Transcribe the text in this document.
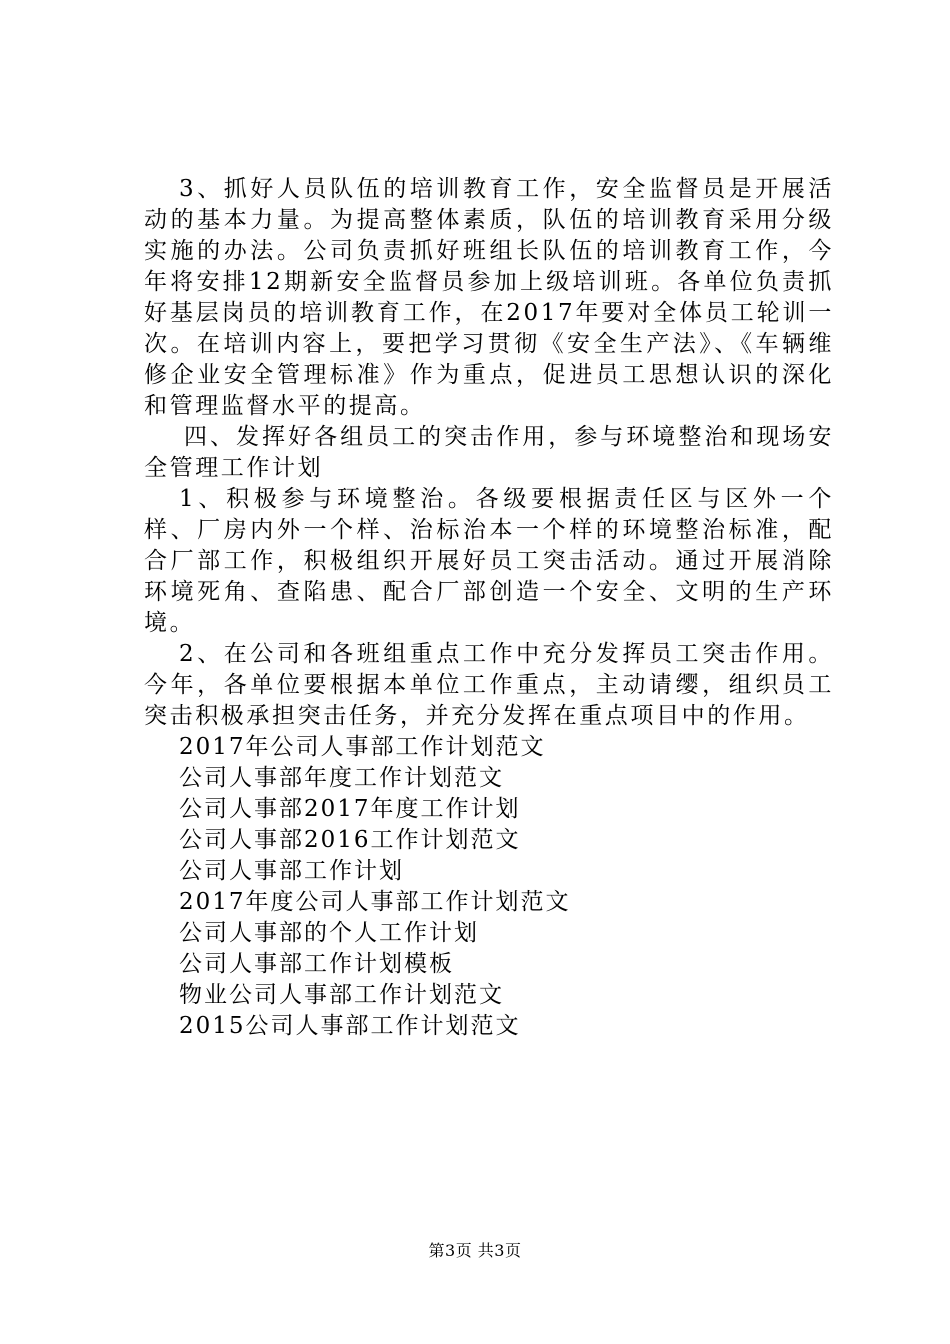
3、抓好人员队伍的培训教育工作，安全监督员是开展活动的基本力量。为提高整体素质，队伍的培训教育采用分级实施的办法。公司负责抓好班组长队伍的培训教育工作，今年将安排12期新安全监督员参加上级培训班。各单位负责抓好基层岗员的培训教育工作，在2017年要对全体员工轮训一次。在培训内容上，要把学习贯彻《安全生产法》、《车辆维修企业安全管理标准》作为重点，促进员工思想认识的深化和管理监督水平的提高。

四、发挥好各组员工的突击作用，参与环境整治和现场安全管理工作计划

1、积极参与环境整治。各级要根据责任区与区外一个样、厂房内外一个样、治标治本一个样的环境整治标准，配合厂部工作，积极组织开展好员工突击活动。通过开展消除环境死角、查陷患、配合厂部创造一个安全、文明的生产环境。

2、在公司和各班组重点工作中充分发挥员工突击作用。今年，各单位要根据本单位工作重点，主动请缨，组织员工突击积极承担突击任务，并充分发挥在重点项目中的作用。

2017年公司人事部工作计划范文
公司人事部年度工作计划范文
公司人事部2017年度工作计划
公司人事部2016工作计划范文
公司人事部工作计划
2017年度公司人事部工作计划范文
公司人事部的个人工作计划
公司人事部工作计划模板
物业公司人事部工作计划范文
2015公司人事部工作计划范文
第3页 共3页
